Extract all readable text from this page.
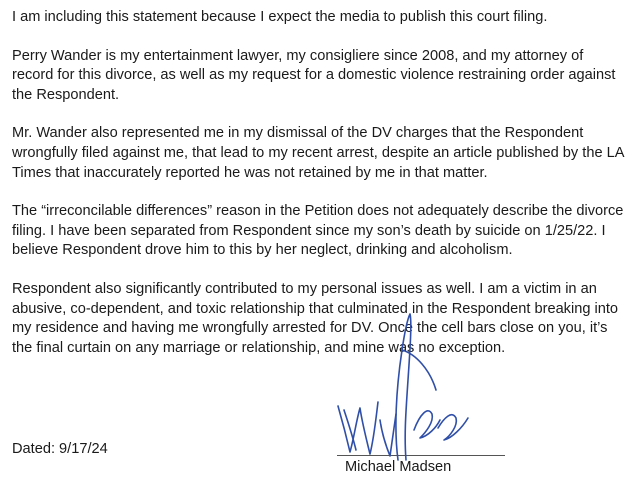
I am including this statement because I expect the media to publish this court filing.

Perry Wander is my entertainment lawyer, my consigliere since 2008, and my attorney of record for this divorce, as well as my request for a domestic violence restraining order against the Respondent.

Mr. Wander also represented me in my dismissal of the DV charges that the Respondent wrongfully filed against me, that lead to my recent arrest, despite an article published by the LA Times that inaccurately reported he was not retained by me in that matter.

The “irreconcilable differences” reason in the Petition does not adequately describe the divorce filing. I have been separated from Respondent since my son’s death by suicide on 1/25/22. I believe Respondent drove him to this by her neglect, drinking and alcoholism.

Respondent also significantly contributed to my personal issues as well. I am a victim in an abusive, co-dependent, and toxic relationship that culminated in the Respondent breaking into my residence and having me wrongfully arrested for DV. Once the cell bars close on you, it’s the final curtain on any marriage or relationship, and mine was no exception.

Dated: 9/17/24
Michael Madsen
